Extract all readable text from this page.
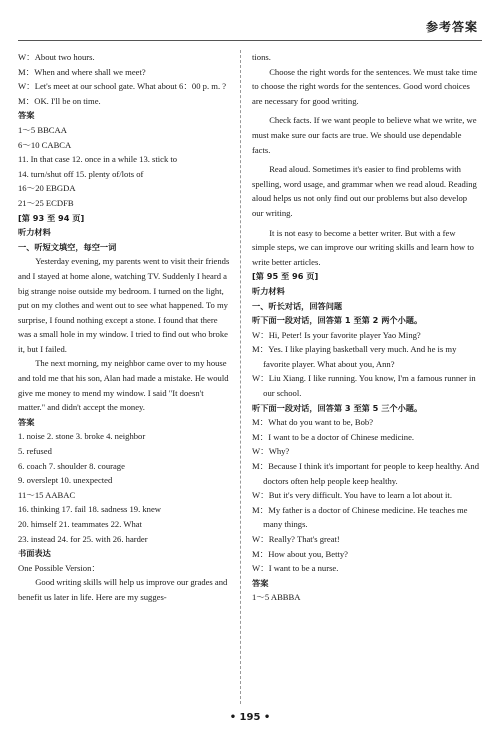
参考答案

W：About two hours.

M：When and where shall we meet?

W：Let's meet at our school gate. What about 6：00 p. m. ?

M：OK. I'll be on time.

答案

1～5 BBCAA

6～10 CABCA

11. In that case 12. once in a while 13. stick to

14. turn/shut off 15. plenty of/lots of

16～20 EBGDA

21～25 ECDFB

[第 93 至 94 页]

听力材料

一、听短文填空，每空一词

Yesterday evening, my parents went to visit their friends and I stayed at home alone, watching TV. Suddenly I heard a big strange noise outside my bedroom. I turned on the light, put on my clothes and went out to see what happened. To my surprise, I found nothing except a stone. I found that there was a small hole in my window. I tried to find out who broke it, but I failed.

The next morning, my neighbor came over to my house and told me that his son, Alan had made a mistake. He would give me money to mend my window. I said "It doesn't matter." and didn't accept the money.

答案

1. noise 2. stone 3. broke 4. neighbor

5. refused

6. coach 7. shoulder 8. courage

9. overslept 10. unexpected

11～15 AABAC

16. thinking 17. fail 18. sadness 19. knew

20. himself 21. teammates 22. What

23. instead 24. for 25. with 26. harder

书面表达

One Possible Version：

Good writing skills will help us improve our grades and benefit us later in life. Here are my sugges-

tions.

Choose the right words for the sentences. We must take time to choose the right words for the sentences. Good word choices are necessary for good writing.

Check facts. If we want people to believe what we write, we must make sure our facts are true. We should use dependable facts.

Read aloud. Sometimes it's easier to find problems with spelling, word usage, and grammar when we read aloud. Reading aloud helps us not only find out our problems but also develop our writing.

It is not easy to become a better writer. But with a few simple steps, we can improve our writing skills and learn how to write better articles.

[第 95 至 96 页]

听力材料

一、听长对话，回答问题

听下面一段对话，回答第 1 至第 2 两个小题。

W：Hi, Peter! Is your favorite player Yao Ming?

M：Yes. I like playing basketball very much. And he is my favorite player. What about you, Ann?

W：Liu Xiang. I like running. You know, I'm a famous runner in our school.

听下面一段对话，回答第 3 至第 5 三个小题。

M：What do you want to be, Bob?

M：I want to be a doctor of Chinese medicine.

W：Why?

M：Because I think it's important for people to keep healthy. And doctors often help people keep healthy.

W：But it's very difficult. You have to learn a lot about it.

M：My father is a doctor of Chinese medicine. He teaches me many things.

W：Really? That's great!

M：How about you, Betty?

W：I want to be a nurse.

答案

1～5 ABBBA

• 195 •
